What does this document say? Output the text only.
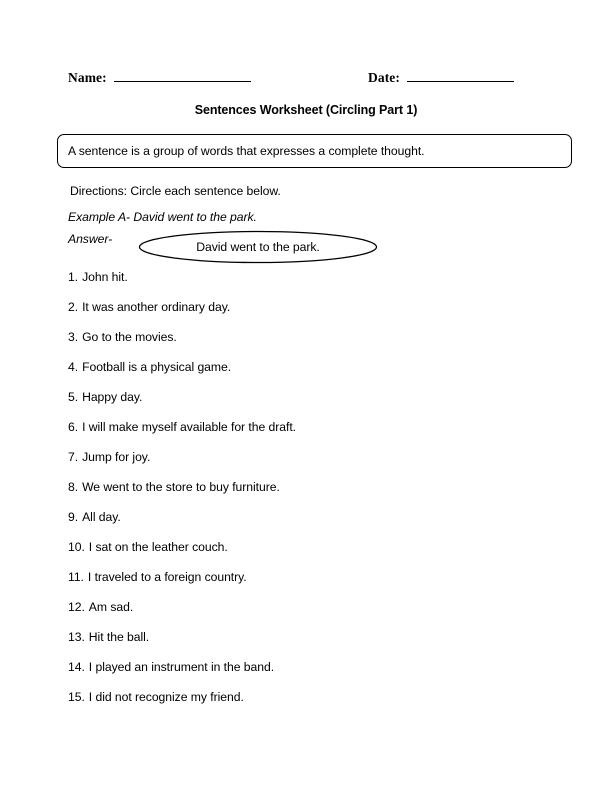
Name:	Date:
Sentences Worksheet (Circling Part 1)
A sentence is a group of words that expresses a complete thought.
Directions: Circle each sentence below.
Example A- David went to the park.
Answer-
David went to the park.
1. John hit.
2. It was another ordinary day.
3. Go to the movies.
4. Football is a physical game.
5. Happy day.
6. I will make myself available for the draft.
7. Jump for joy.
8. We went to the store to buy furniture.
9. All day.
10. I sat on the leather couch.
11. I traveled to a foreign country.
12. Am sad.
13. Hit the ball.
14. I played an instrument in the band.
15. I did not recognize my friend.
